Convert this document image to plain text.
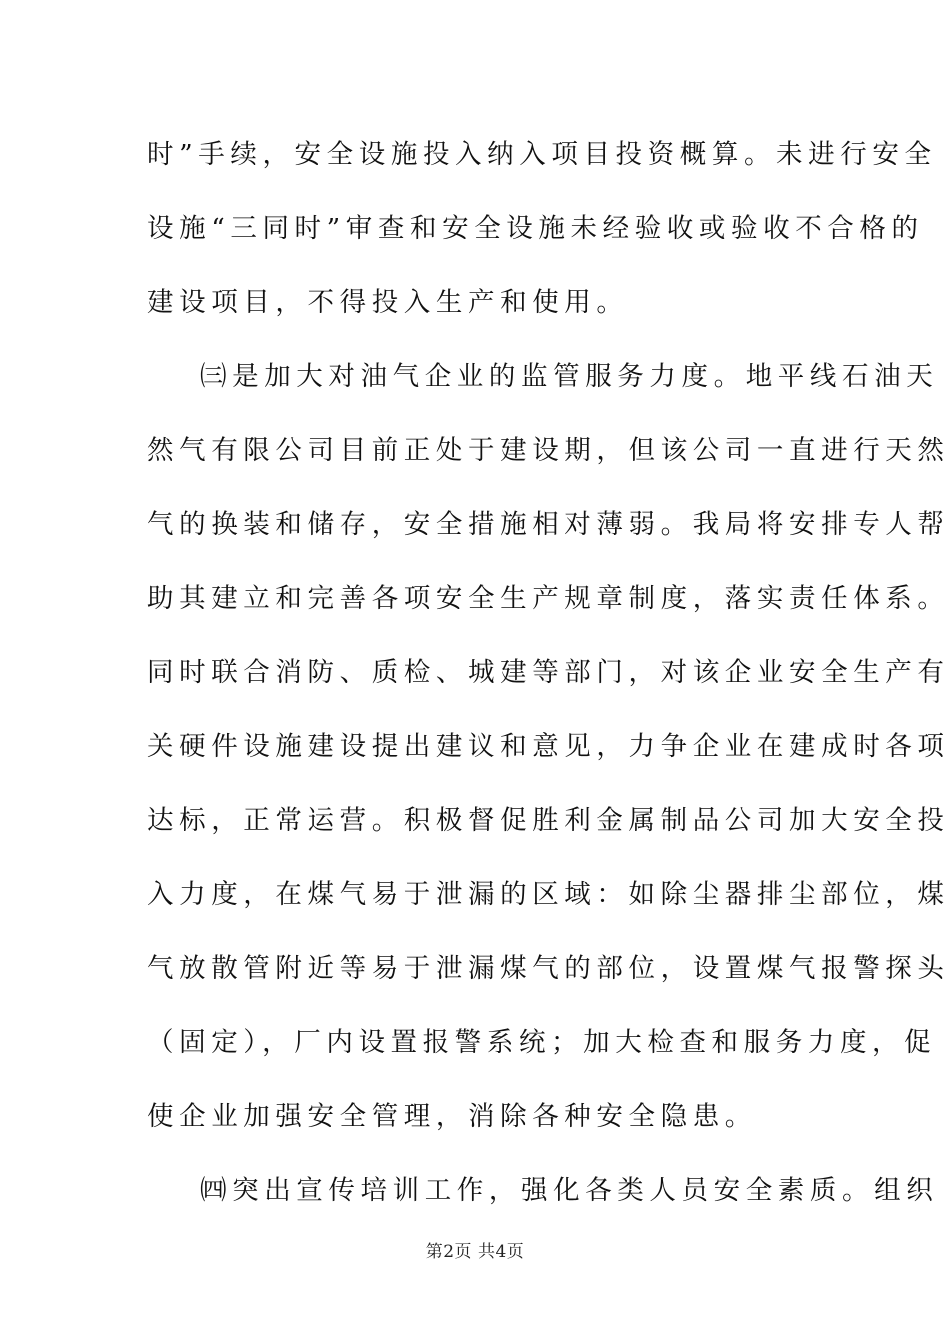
时”手续，安全设施投入纳入项目投资概算。未进行安全
设施“三同时”审查和安全设施未经验收或验收不合格的
建设项目，不得投入生产和使用。
㈢是加大对油气企业的监管服务力度。地平线石油天
然气有限公司目前正处于建设期，但该公司一直进行天然
气的换装和储存，安全措施相对薄弱。我局将安排专人帮
助其建立和完善各项安全生产规章制度，落实责任体系。
同时联合消防、质检、城建等部门，对该企业安全生产有
关硬件设施建设提出建议和意见，力争企业在建成时各项
达标，正常运营。积极督促胜利金属制品公司加大安全投
入力度，在煤气易于泄漏的区域：如除尘器排尘部位，煤
气放散管附近等易于泄漏煤气的部位，设置煤气报警探头
（固定），厂内设置报警系统；加大检查和服务力度，促
使企业加强安全管理，消除各种安全隐患。
㈣突出宣传培训工作，强化各类人员安全素质。组织
第2页 共4页
